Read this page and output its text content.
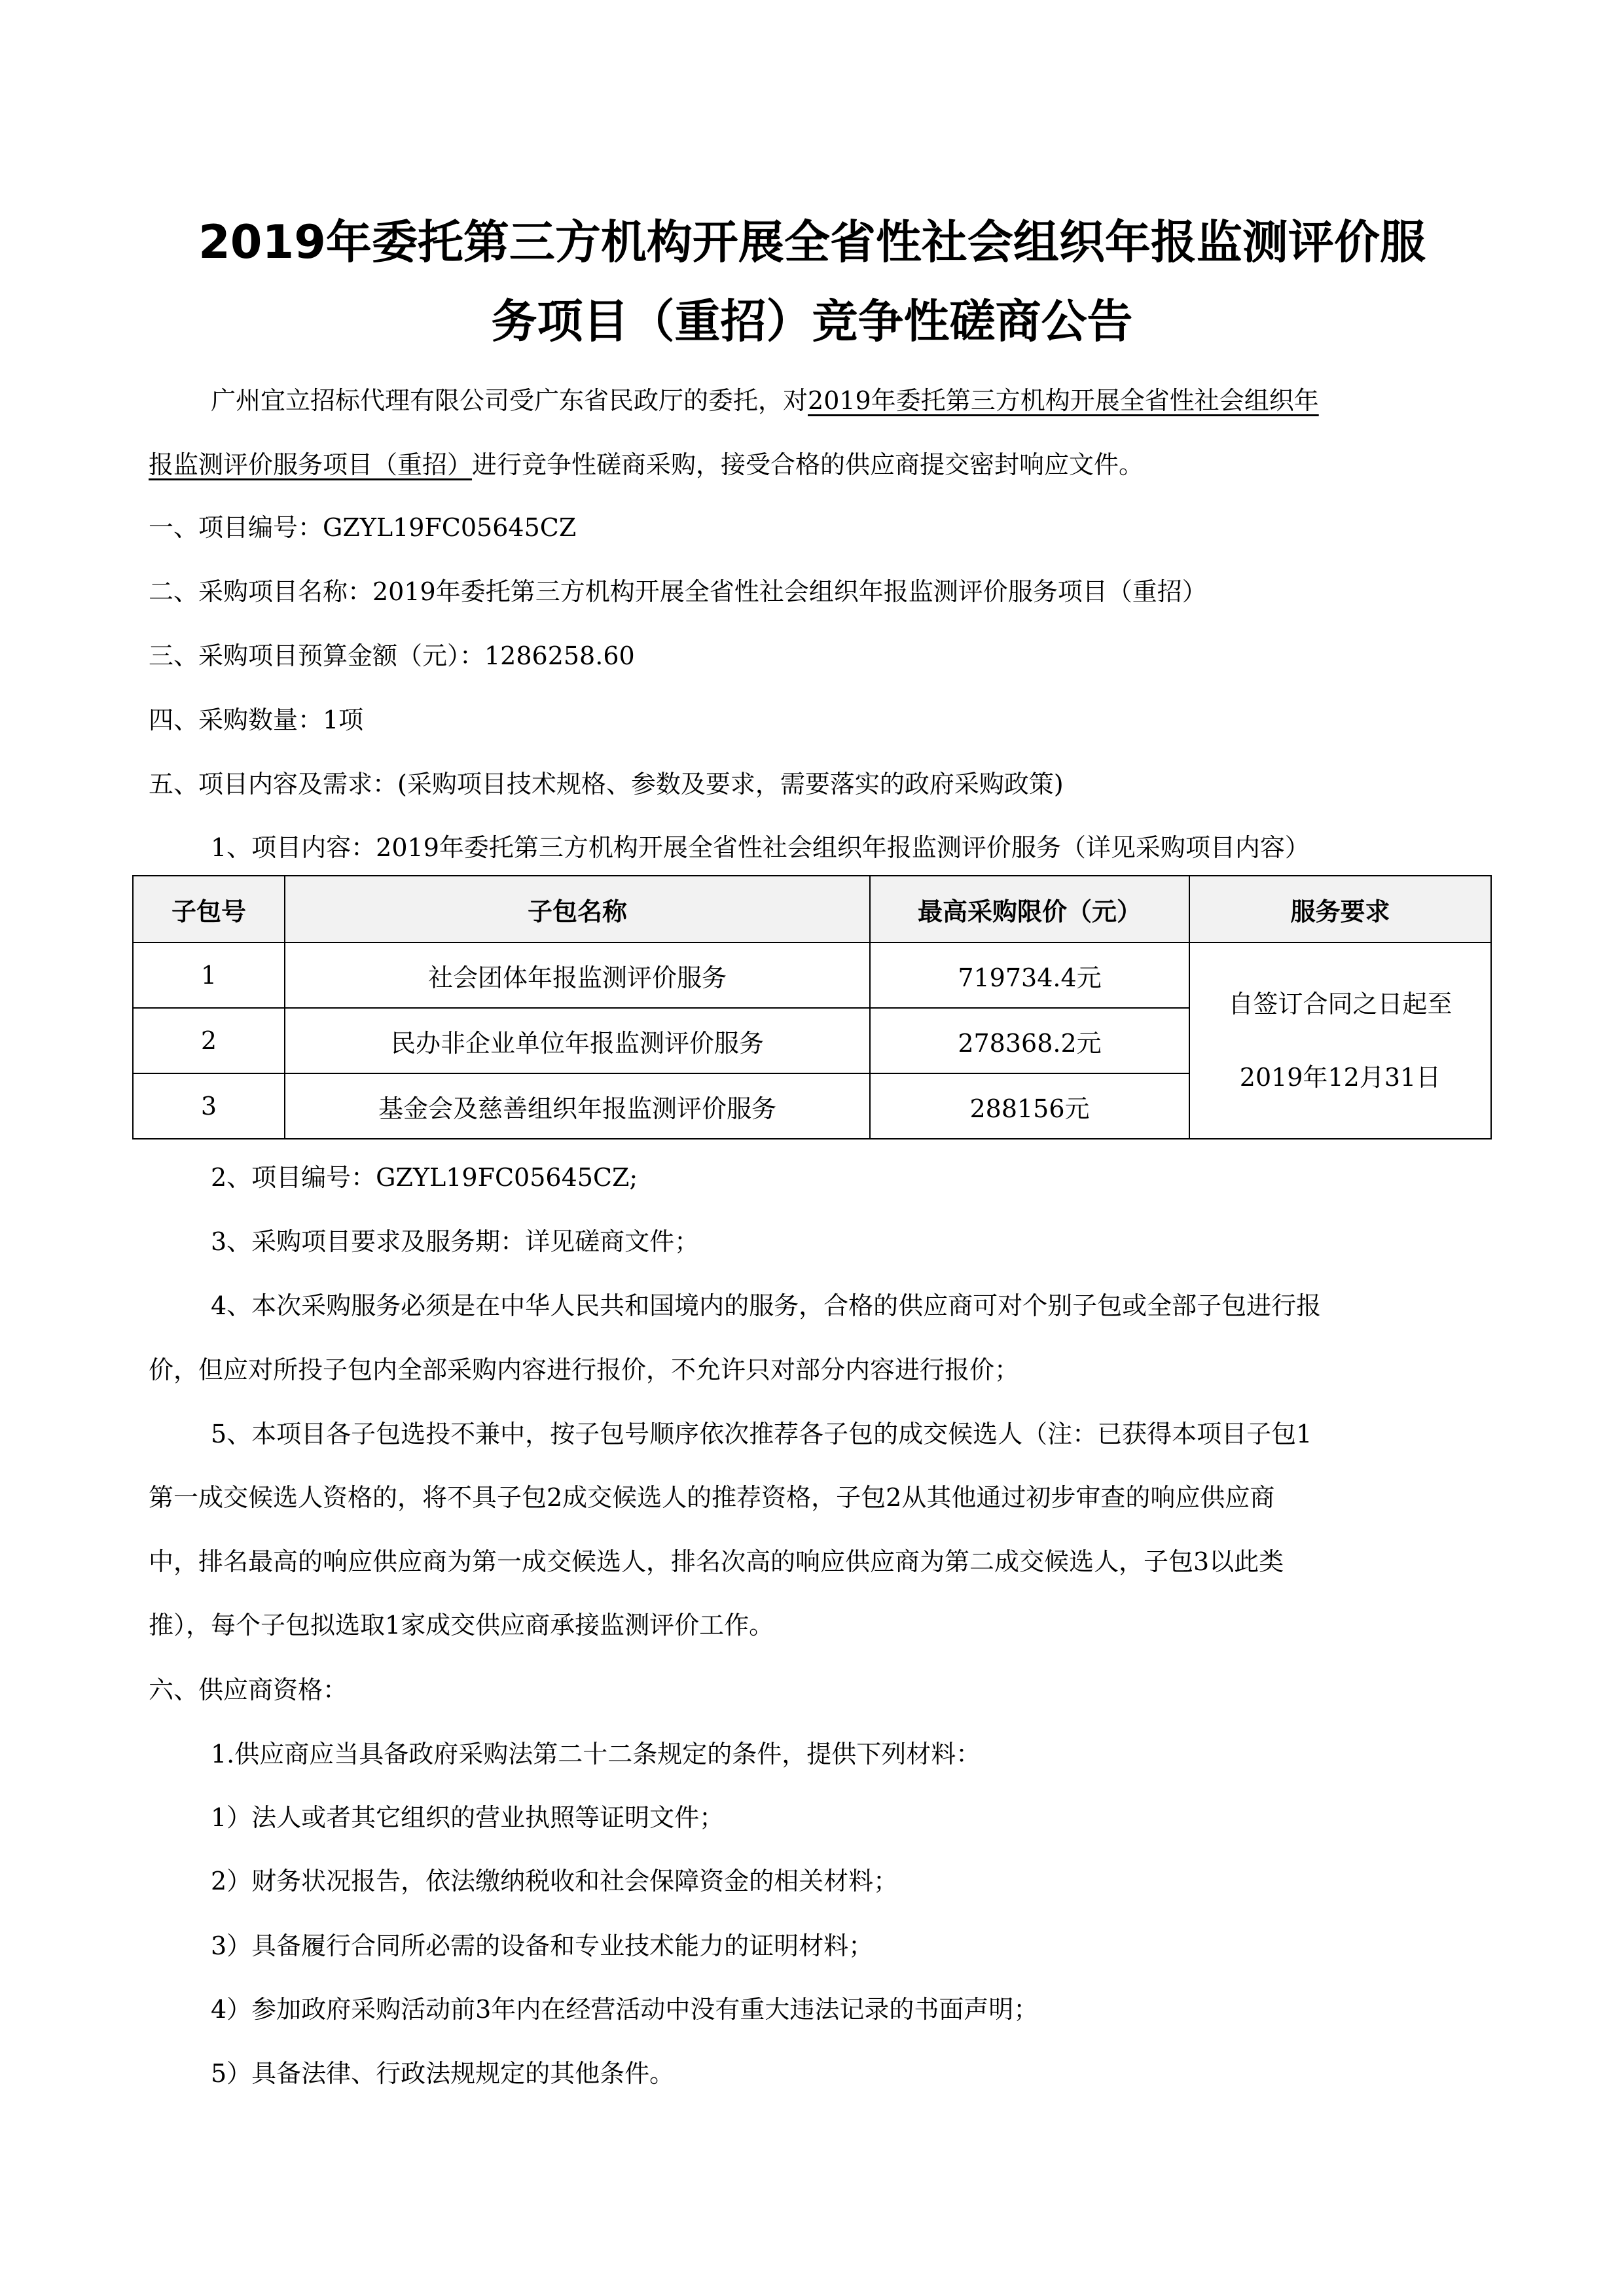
2019年委托第三方机构开展全省性社会组织年报监测评价服
务项目（重招）竞争性磋商公告

广州宜立招标代理有限公司受广东省民政厅的委托，对2019年委托第三方机构开展全省性社会组织年

报监测评价服务项目（重招）进行竞争性磋商采购，接受合格的供应商提交密封响应文件。

一、项目编号：GZYL19FC05645CZ

二、采购项目名称：2019年委托第三方机构开展全省性社会组织年报监测评价服务项目（重招）

三、采购项目预算金额（元）：1286258.60

四、采购数量：1项

五、项目内容及需求：(采购项目技术规格、参数及要求，需要落实的政府采购政策)

1、项目内容：2019年委托第三方机构开展全省性社会组织年报监测评价服务（详见采购项目内容）

子包号	子包名称	最高采购限价（元）	服务要求
1	社会团体年报监测评价服务	719734.4元	自签订合同之日起至
2019年12月31日

2	民办非企业单位年报监测评价服务	278368.2元	
3	基金会及慈善组织年报监测评价服务	288156元	

2、项目编号：GZYL19FC05645CZ;

3、采购项目要求及服务期：详见磋商文件；

4、本次采购服务必须是在中华人民共和国境内的服务，合格的供应商可对个别子包或全部子包进行报

价，但应对所投子包内全部采购内容进行报价，不允许只对部分内容进行报价；

5、本项目各子包选投不兼中，按子包号顺序依次推荐各子包的成交候选人（注：已获得本项目子包1

第一成交候选人资格的，将不具子包2成交候选人的推荐资格，子包2从其他通过初步审查的响应供应商

中，排名最高的响应供应商为第一成交候选人，排名次高的响应供应商为第二成交候选人，子包3以此类

推），每个子包拟选取1家成交供应商承接监测评价工作。

六、供应商资格：

1.供应商应当具备政府采购法第二十二条规定的条件，提供下列材料：

1）法人或者其它组织的营业执照等证明文件；

2）财务状况报告，依法缴纳税收和社会保障资金的相关材料；

3）具备履行合同所必需的设备和专业技术能力的证明材料；

4）参加政府采购活动前3年内在经营活动中没有重大违法记录的书面声明；

5）具备法律、行政法规规定的其他条件。
